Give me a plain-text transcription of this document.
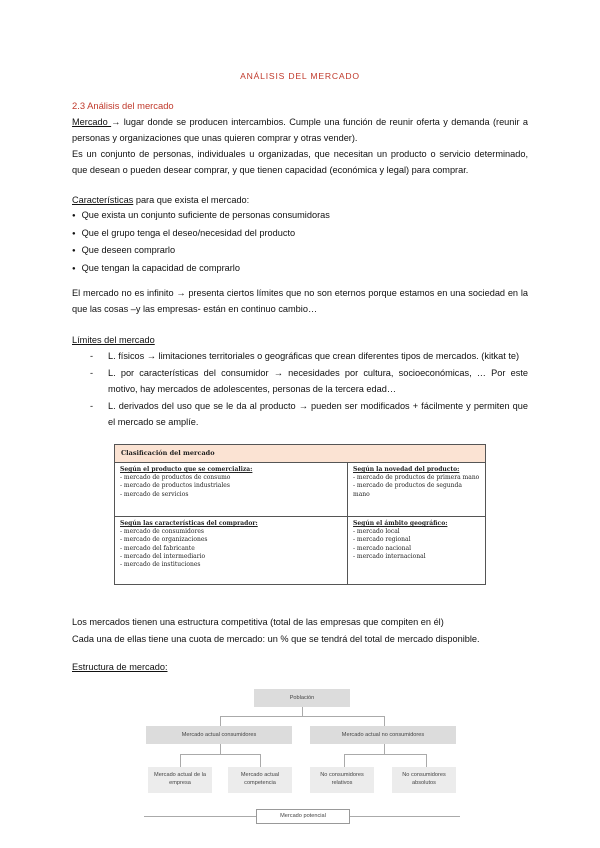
ANÁLISIS DEL MERCADO
2.3 Análisis del mercado

Mercado → lugar donde se producen intercambios. Cumple una función de reunir oferta y demanda (reunir a personas y organizaciones que unas quieren comprar y otras vender).

Es un conjunto de personas, individuales u organizadas, que necesitan un producto o servicio determinado, que desean o pueden desear comprar, y que tienen capacidad (económica y legal) para comprar.

Características para que exista el mercado:
● Que exista un conjunto suficiente de personas consumidoras
● Que el grupo tenga el deseo/necesidad del producto
● Que deseen comprarlo
● Que tengan la capacidad de comprarlo
El mercado no es infinito → presenta ciertos límites que no son eternos porque estamos en una sociedad en la que las cosas –y las empresas- están en continuo cambio…
Límites del mercado
- L. físicos → limitaciones territoriales o geográficas que crean diferentes tipos de mercados. (kitkat te)
- L. por características del consumidor → necesidades por cultura, socioeconómicas, … Por este motivo, hay mercados de adolescentes, personas de la tercera edad…
- L. derivados del uso que se le da al producto → pueden ser modificados + fácilmente y permiten que el mercado se amplíe.
Clasificación del mercado
Según el producto que se comercializa:
- mercado de productos de consumo
- mercado de productos industriales
- mercado de servicios
Según la novedad del producto:
- mercado de productos de primera mano
- mercado de productos de segunda mano
Según las características del comprador:
- mercado de consumidores
- mercado de organizaciones
- mercado del fabricante
- mercado del intermediario
- mercado de instituciones
Según el ámbito geográfico:
- mercado local
- mercado regional
- mercado nacional
- mercado internacional
Los mercados tienen una estructura competitiva (total de las empresas que compiten en él)
Cada una de ellas tiene una cuota de mercado: un % que se tendrá del total de mercado disponible.
Estructura de mercado:
Población
Mercado actual consumidores	Mercado actual no consumidores
Mercado actual de la empresa
Mercado actual competencia
No consumidores relativos
No consumidores absolutos
Mercado potencial
